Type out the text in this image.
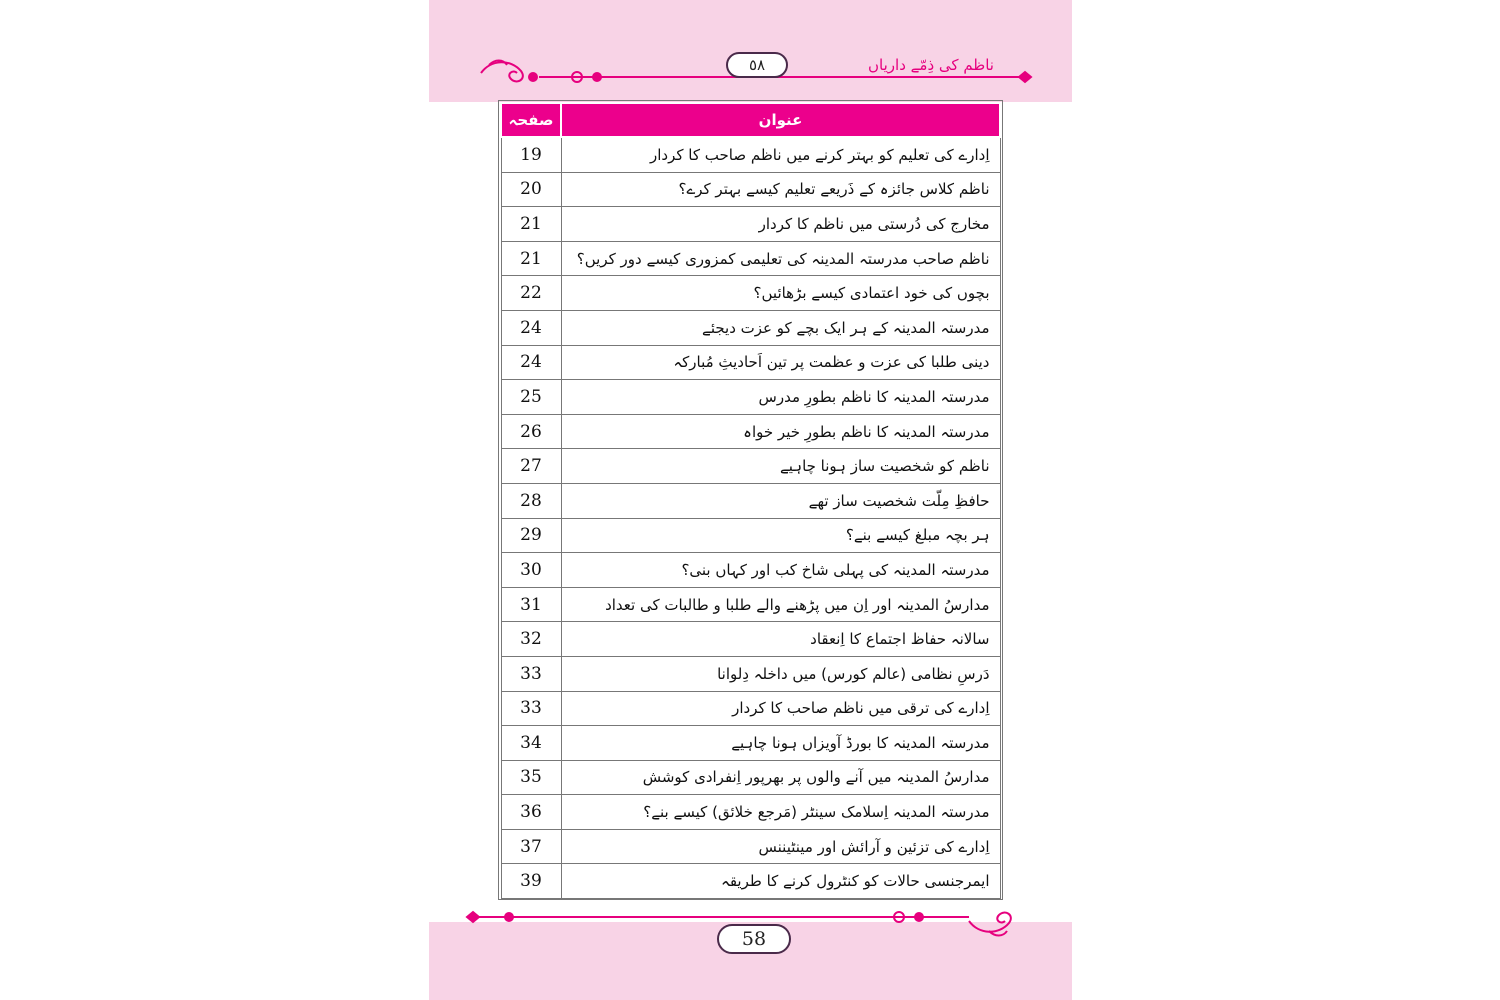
ناظم کی ذِمّے داریاں
٥٨
صفحہ	عنوان
19	اِدارے کی تعلیم کو بہتر کرنے میں ناظم صاحب کا کردار
20	ناظم کلاس جائزہ کے ذَریعے تعلیم کیسے بہتر کرے؟
21	مخارج کی دُرستی میں ناظم کا کردار
21	ناظم صاحب مدرستہ المدینہ کی تعلیمی کمزوری کیسے دور کریں؟
22	بچوں کی خود اعتمادی کیسے بڑھائیں؟
24	مدرستہ المدینہ کے ہر ایک بچے کو عزت دیجئے
24	دینی طلبا کی عزت و عظمت پر تین اَحادیثِ مُبارکہ
25	مدرستہ المدینہ کا ناظم بطورِ مدرس
26	مدرستہ المدینہ کا ناظم بطورِ خیر خواہ
27	ناظم کو شخصیت ساز ہونا چاہیے
28	حافظِ مِلّت شخصیت ساز تھے
29	ہر بچہ مبلغ کیسے بنے؟
30	مدرستہ المدینہ کی پہلی شاخ کب اور کہاں بنی؟
31	مدارسُ المدینہ اور اِن میں پڑھنے والے طلبا و طالبات کی تعداد
32	سالانہ حفاظ اجتماع کا اِنعقاد
33	دَرسِ نظامی (عالم کورس) میں داخلہ دِلوانا
33	اِدارے کی ترقی میں ناظم صاحب کا کردار
34	مدرستہ المدینہ کا بورڈ آویزاں ہونا چاہیے
35	مدارسُ المدینہ میں آنے والوں پر بھرپور اِنفرادی کوشش
36	مدرستہ المدینہ اِسلامک سینٹر (مَرجع خلائق) کیسے بنے؟
37	اِدارے کی تزئین و آرائش اور مینٹیننس
39	ایمرجنسی حالات کو کنٹرول کرنے کا طریقہ
58
